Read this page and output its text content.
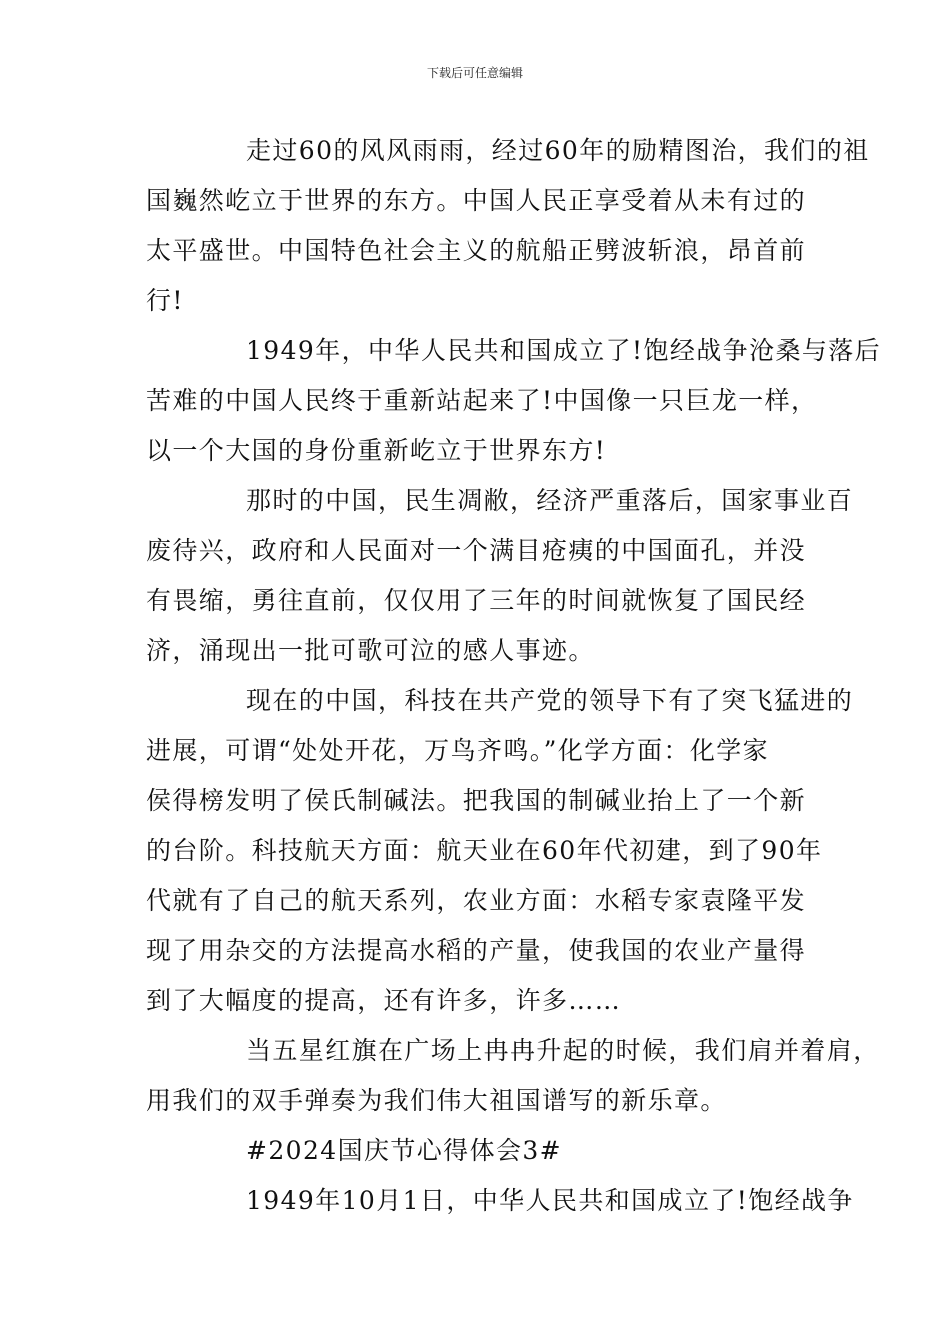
下载后可任意编辑
走过60的风风雨雨，经过60年的励精图治，我们的祖
国巍然屹立于世界的东方。中国人民正享受着从未有过的
太平盛世。中国特色社会主义的航船正劈波斩浪，昂首前
行!
1949年，中华人民共和国成立了!饱经战争沧桑与落后
苦难的中国人民终于重新站起来了!中国像一只巨龙一样，
以一个大国的身份重新屹立于世界东方!
那时的中国，民生凋敝，经济严重落后，国家事业百
废待兴，政府和人民面对一个满目疮痍的中国面孔，并没
有畏缩，勇往直前，仅仅用了三年的时间就恢复了国民经
济，涌现出一批可歌可泣的感人事迹。
现在的中国，科技在共产党的领导下有了突飞猛进的
进展，可谓“处处开花，万鸟齐鸣。”化学方面：化学家
侯得榜发明了侯氏制碱法。把我国的制碱业抬上了一个新
的台阶。科技航天方面：航天业在60年代初建，到了90年
代就有了自己的航天系列，农业方面：水稻专家袁隆平发
现了用杂交的方法提高水稻的产量，使我国的农业产量得
到了大幅度的提高，还有许多，许多……
当五星红旗在广场上冉冉升起的时候，我们肩并着肩，
用我们的双手弹奏为我们伟大祖国谱写的新乐章。
#2024国庆节心得体会3#
1949年10月1日，中华人民共和国成立了!饱经战争
